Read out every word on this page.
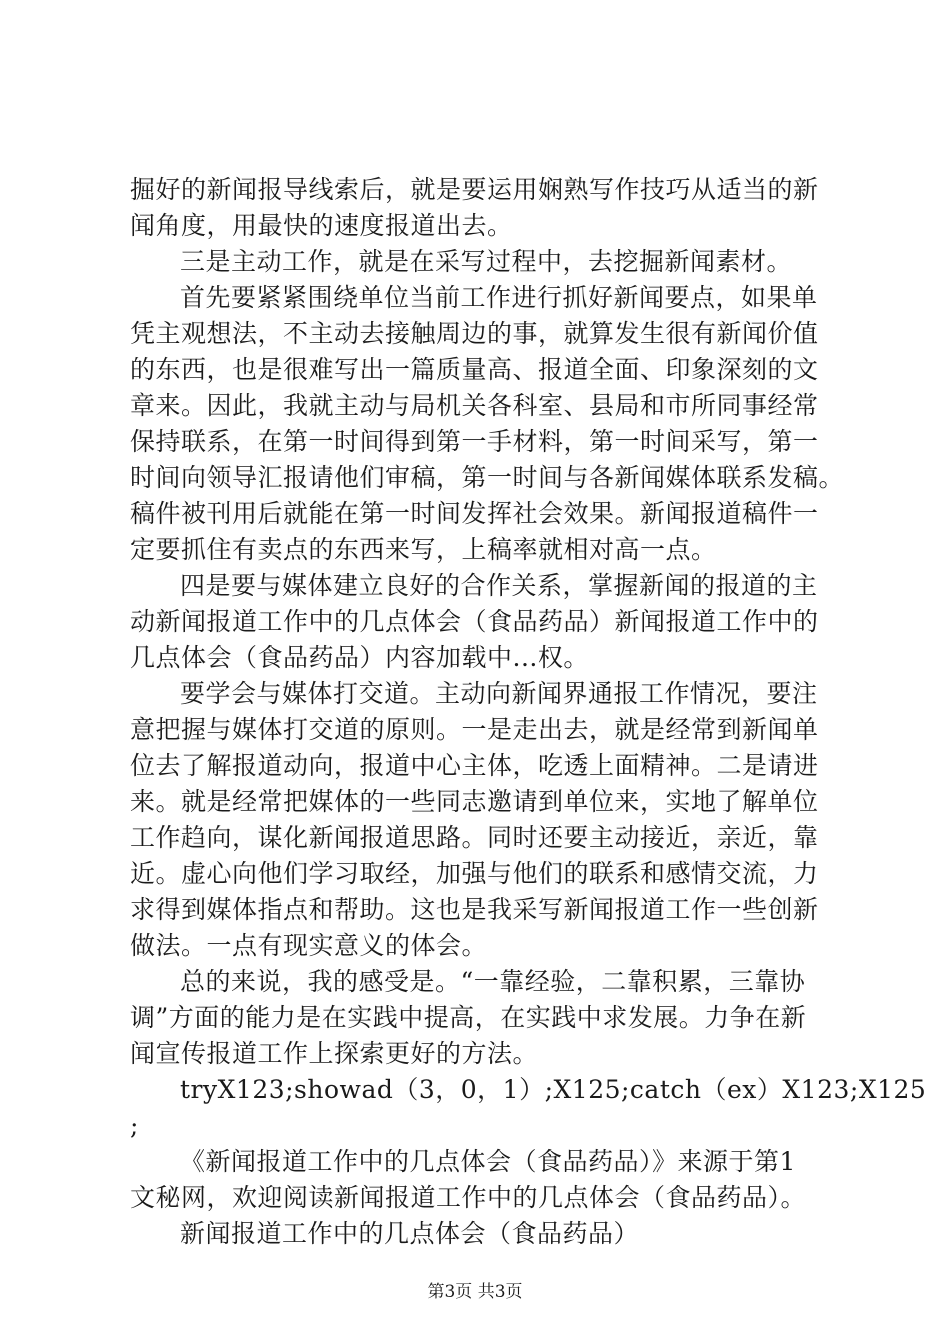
掘好的新闻报导线索后，就是要运用娴熟写作技巧从适当的新
闻角度，用最快的速度报道出去。
三是主动工作，就是在采写过程中，去挖掘新闻素材。
首先要紧紧围绕单位当前工作进行抓好新闻要点，如果单
凭主观想法，不主动去接触周边的事，就算发生很有新闻价值
的东西，也是很难写出一篇质量高、报道全面、印象深刻的文
章来。因此，我就主动与局机关各科室、县局和市所同事经常
保持联系，在第一时间得到第一手材料，第一时间采写，第一
时间向领导汇报请他们审稿，第一时间与各新闻媒体联系发稿。
稿件被刊用后就能在第一时间发挥社会效果。新闻报道稿件一
定要抓住有卖点的东西来写，上稿率就相对高一点。
四是要与媒体建立良好的合作关系，掌握新闻的报道的主
动新闻报道工作中的几点体会（食品药品）新闻报道工作中的
几点体会（食品药品）内容加载中...权。
要学会与媒体打交道。主动向新闻界通报工作情况，要注
意把握与媒体打交道的原则。一是走出去，就是经常到新闻单
位去了解报道动向，报道中心主体，吃透上面精神。二是请进
来。就是经常把媒体的一些同志邀请到单位来，实地了解单位
工作趋向，谋化新闻报道思路。同时还要主动接近，亲近，靠
近。虚心向他们学习取经，加强与他们的联系和感情交流，力
求得到媒体指点和帮助。这也是我采写新闻报道工作一些创新
做法。一点有现实意义的体会。
总的来说，我的感受是。“一靠经验，二靠积累，三靠协
调”方面的能力是在实践中提高，在实践中求发展。力争在新
闻宣传报道工作上探索更好的方法。
tryX123;showad（3，0，1）;X125;catch（ex）X123;X125
;
《新闻报道工作中的几点体会（食品药品）》来源于第1
文秘网，欢迎阅读新闻报道工作中的几点体会（食品药品）。
新闻报道工作中的几点体会（食品药品）
第3页 共3页
